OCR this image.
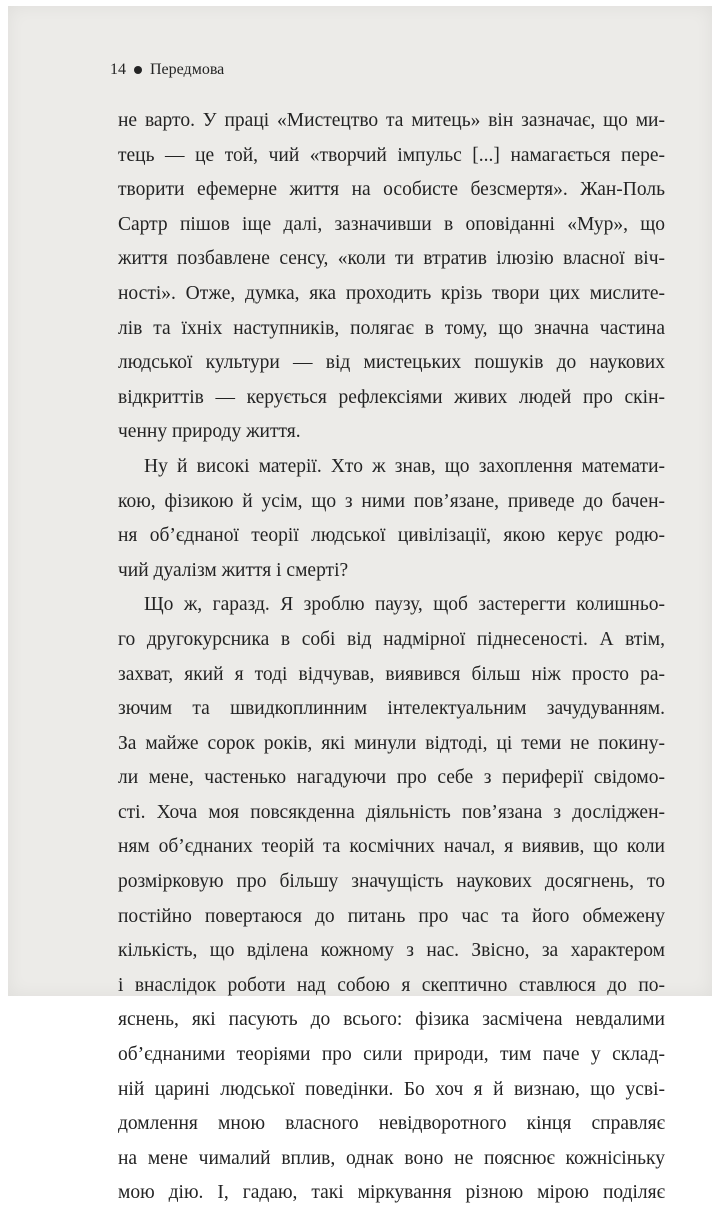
14 Передмова
не варто. У праці «Мистецтво та митець» він зазначає, що ми-
тець — це той, чий «творчий імпульс [...] намагається пере-
творити ефемерне життя на особисте безсмертя». Жан-Поль
Сартр пішов іще далі, зазначивши в оповіданні «Мур», що
життя позбавлене сенсу, «коли ти втратив ілюзію власної віч-
ності». Отже, думка, яка проходить крізь твори цих мислите-
лів та їхніх наступників, полягає в тому, що значна частина
людської культури — від мистецьких пошуків до наукових
відкриттів — керується рефлексіями живих людей про скін-
ченну природу життя.
Ну й високі матерії. Хто ж знав, що захоплення математи-
кою, фізикою й усім, що з ними пов’язане, приведе до бачен-
ня об’єднаної теорії людської цивілізації, якою керує родю-
чий дуалізм життя і смерті?
Що ж, гаразд. Я зроблю паузу, щоб застерегти колишньо-
го другокурсника в собі від надмірної піднесеності. А втім,
захват, який я тоді відчував, виявився більш ніж просто ра-
зючим та швидкоплинним інтелектуальним зачудуванням.
За майже сорок років, які минули відтоді, ці теми не покину-
ли мене, частенько нагадуючи про себе з периферії свідомо-
сті. Хоча моя повсякденна діяльність пов’язана з досліджен-
ням об’єднаних теорій та космічних начал, я виявив, що коли
розмірковую про більшу значущість наукових досягнень, то
постійно повертаюся до питань про час та його обмежену
кількість, що вділена кожному з нас. Звісно, за характером
і внаслідок роботи над собою я скептично ставлюся до по-
яснень, які пасують до всього: фізика засмічена невдалими
об’єднаними теоріями про сили природи, тим паче у склад-
ній царині людської поведінки. Бо хоч я й визнаю, що усві-
домлення мною власного невідворотного кінця справляє
на мене чималий вплив, однак воно не пояснює кожнісіньку
мою дію. І, гадаю, такі міркування різною мірою поділяє
